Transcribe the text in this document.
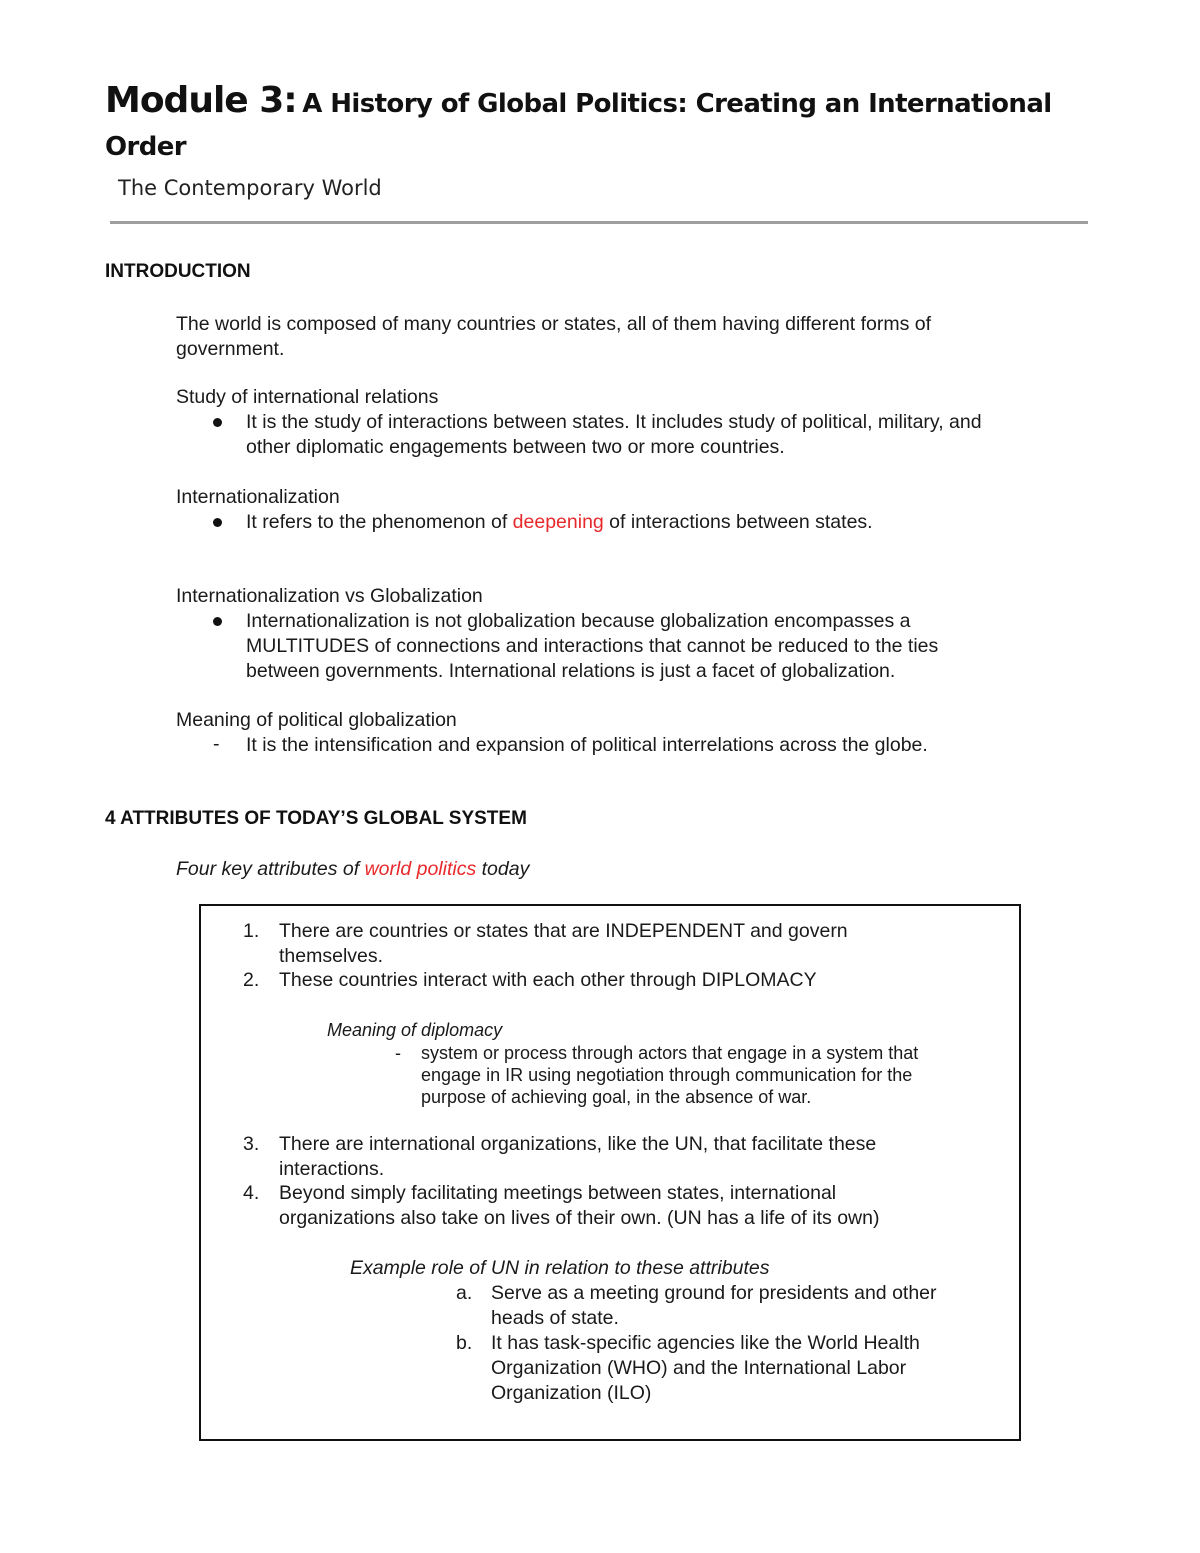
Module 3: A History of Global Politics: Creating an International
Order
The Contemporary World
INTRODUCTION
The world is composed of many countries or states, all of them having different forms of
government.
Study of international relations
It is the study of interactions between states. It includes study of political, military, and
other diplomatic engagements between two or more countries.
Internationalization
It refers to the phenomenon of deepening of interactions between states.
Internationalization vs Globalization
Internationalization is not globalization because globalization encompasses a
MULTITUDES of connections and interactions that cannot be reduced to the ties
between governments. International relations is just a facet of globalization.
Meaning of political globalization
- It is the intensification and expansion of political interrelations across the globe.
4 ATTRIBUTES OF TODAY’S GLOBAL SYSTEM
Four key attributes of world politics today
1. There are countries or states that are INDEPENDENT and govern
themselves.
2. These countries interact with each other through DIPLOMACY
Meaning of diplomacy
- system or process through actors that engage in a system that
engage in IR using negotiation through communication for the
purpose of achieving goal, in the absence of war.
3. There are international organizations, like the UN, that facilitate these
interactions.
4. Beyond simply facilitating meetings between states, international
organizations also take on lives of their own. (UN has a life of its own)
Example role of UN in relation to these attributes
a. Serve as a meeting ground for presidents and other
heads of state.
b. It has task-specific agencies like the World Health
Organization (WHO) and the International Labor
Organization (ILO)
